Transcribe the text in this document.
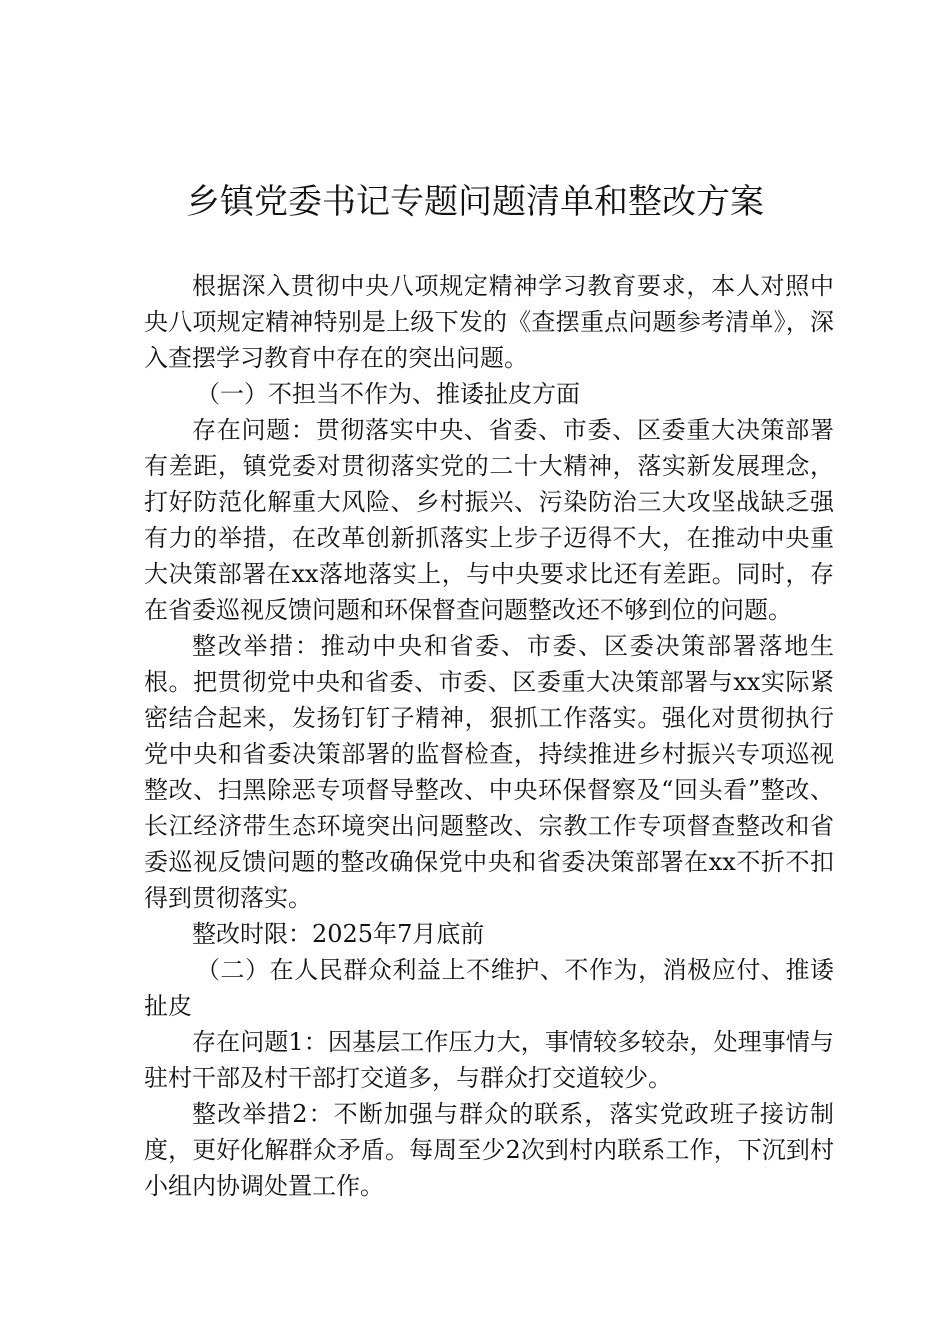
乡镇党委书记专题问题清单和整改方案

根据深入贯彻中央八项规定精神学习教育要求，本人对照中央八项规定精神特别是上级下发的《查摆重点问题参考清单》，深入查摆学习教育中存在的突出问题。

（一）不担当不作为、推诿扯皮方面

存在问题：贯彻落实中央、省委、市委、区委重大决策部署有差距，镇党委对贯彻落实党的二十大精神，落实新发展理念，打好防范化解重大风险、乡村振兴、污染防治三大攻坚战缺乏强有力的举措，在改革创新抓落实上步子迈得不大，在推动中央重大决策部署在xx落地落实上，与中央要求比还有差距。同时，存在省委巡视反馈问题和环保督查问题整改还不够到位的问题。

整改举措：推动中央和省委、市委、区委决策部署落地生根。把贯彻党中央和省委、市委、区委重大决策部署与xx实际紧密结合起来，发扬钉钉子精神，狠抓工作落实。强化对贯彻执行党中央和省委决策部署的监督检查，持续推进乡村振兴专项巡视整改、扫黑除恶专项督导整改、中央环保督察及“回头看”整改、长江经济带生态环境突出问题整改、宗教工作专项督查整改和省委巡视反馈问题的整改确保党中央和省委决策部署在xx不折不扣得到贯彻落实。

整改时限：2025年7月底前

（二）在人民群众利益上不维护、不作为，消极应付、推诿扯皮

存在问题1：因基层工作压力大，事情较多较杂，处理事情与驻村干部及村干部打交道多，与群众打交道较少。

整改举措2：不断加强与群众的联系，落实党政班子接访制度，更好化解群众矛盾。每周至少2次到村内联系工作，下沉到村小组内协调处置工作。
